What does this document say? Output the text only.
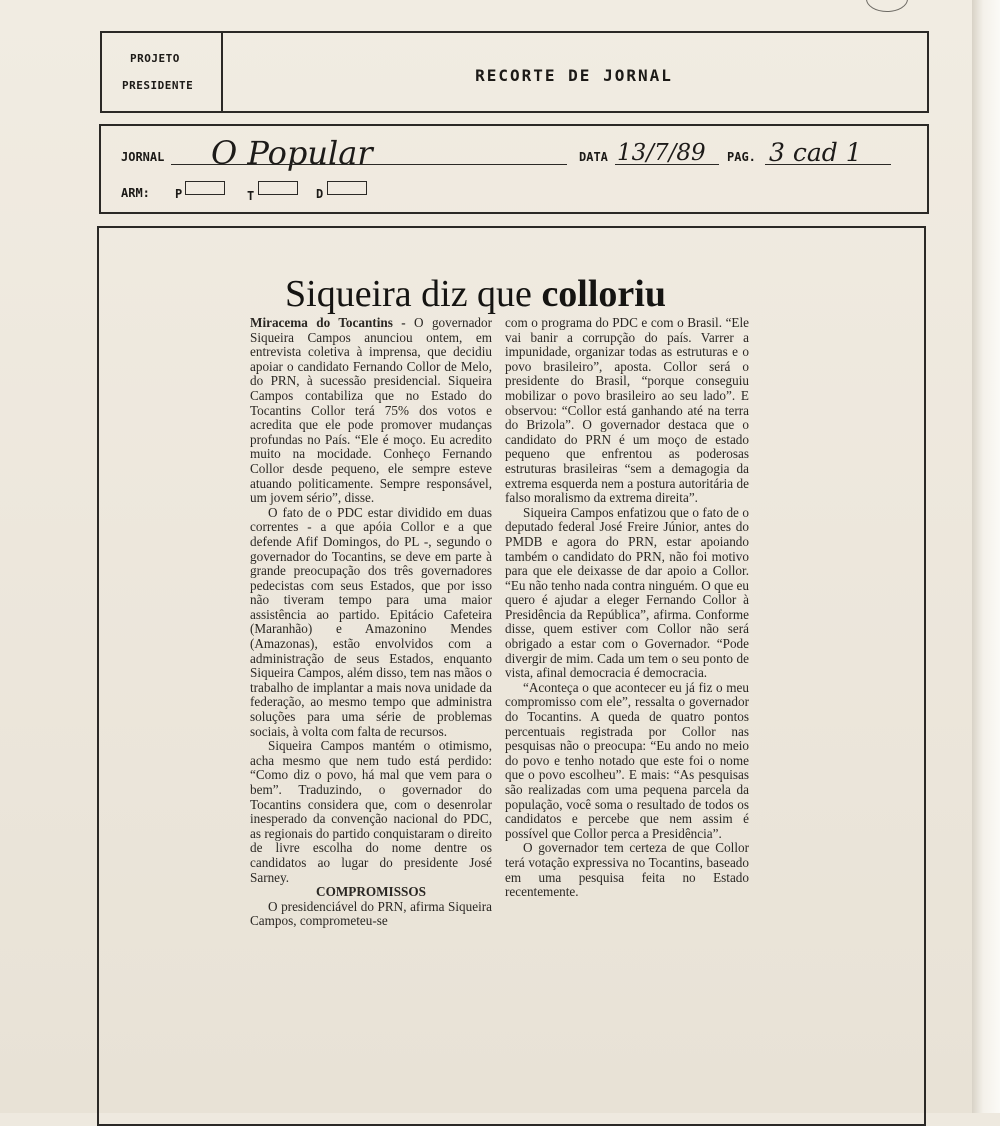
PROJETO
PRESIDENTE
RECORTE DE JORNAL
JORNAL O Popular	DATA 13/7/89 PAG. 3 cad 1
ARM: P	T	D
Siqueira diz que colloriu

Miracema do Tocantins - O governador Siqueira Campos anunciou ontem, em entrevista coletiva à imprensa, que decidiu apoiar o candidato Fernando Collor de Melo, do PRN, à sucessão presidencial. Siqueira Campos contabiliza que no Estado do Tocantins Collor terá 75% dos votos e acredita que ele pode promover mudanças profundas no País. “Ele é moço. Eu acredito muito na mocidade. Conheço Fernando Collor desde pequeno, ele sempre esteve atuando politicamente. Sempre responsável, um jovem sério”, disse.

O fato de o PDC estar dividido em duas correntes - a que apóia Collor e a que defende Afif Domingos, do PL -, segundo o governador do Tocantins, se deve em parte à grande preocupação dos três governadores pedecistas com seus Estados, que por isso não tiveram tempo para uma maior assistência ao partido. Epitácio Cafeteira (Maranhão) e Amazonino Mendes (Amazonas), estão envolvidos com a administração de seus Estados, enquanto Siqueira Campos, além disso, tem nas mãos o trabalho de implantar a mais nova unidade da federação, ao mesmo tempo que administra soluções para uma série de problemas sociais, à volta com falta de recursos.

Siqueira Campos mantém o otimismo, acha mesmo que nem tudo está perdido: “Como diz o povo, há mal que vem para o bem”. Traduzindo, o governador do Tocantins considera que, com o desenrolar inesperado da convenção nacional do PDC, as regionais do partido conquistaram o direito de livre escolha do nome dentre os candidatos ao lugar do presidente José Sarney.

COMPROMISSOS

O presidenciável do PRN, afirma Siqueira Campos, comprometeu-se

com o programa do PDC e com o Brasil. “Ele vai banir a corrupção do país. Varrer a impunidade, organizar todas as estruturas e o povo brasileiro”, aposta. Collor será o presidente do Brasil, “porque conseguiu mobilizar o povo brasileiro ao seu lado”. E observou: “Collor está ganhando até na terra do Brizola”. O governador destaca que o candidato do PRN é um moço de estado pequeno que enfrentou as poderosas estruturas brasileiras “sem a demagogia da extrema esquerda nem a postura autoritária de falso moralismo da extrema direita”.

Siqueira Campos enfatizou que o fato de o deputado federal José Freire Júnior, antes do PMDB e agora do PRN, estar apoiando também o candidato do PRN, não foi motivo para que ele deixasse de dar apoio a Collor. “Eu não tenho nada contra ninguém. O que eu quero é ajudar a eleger Fernando Collor à Presidência da República”, afirma. Conforme disse, quem estiver com Collor não será obrigado a estar com o Governador. “Pode divergir de mim. Cada um tem o seu ponto de vista, afinal democracia é democracia.

“Aconteça o que acontecer eu já fiz o meu compromisso com ele”, ressalta o governador do Tocantins. A queda de quatro pontos percentuais registrada por Collor nas pesquisas não o preocupa: “Eu ando no meio do povo e tenho notado que este foi o nome que o povo escolheu”. E mais: “As pesquisas são realizadas com uma pequena parcela da população, você soma o resultado de todos os candidatos e percebe que nem assim é possível que Collor perca a Presidência”.

O governador tem certeza de que Collor terá votação expressiva no Tocantins, baseado em uma pesquisa feita no Estado recentemente.
